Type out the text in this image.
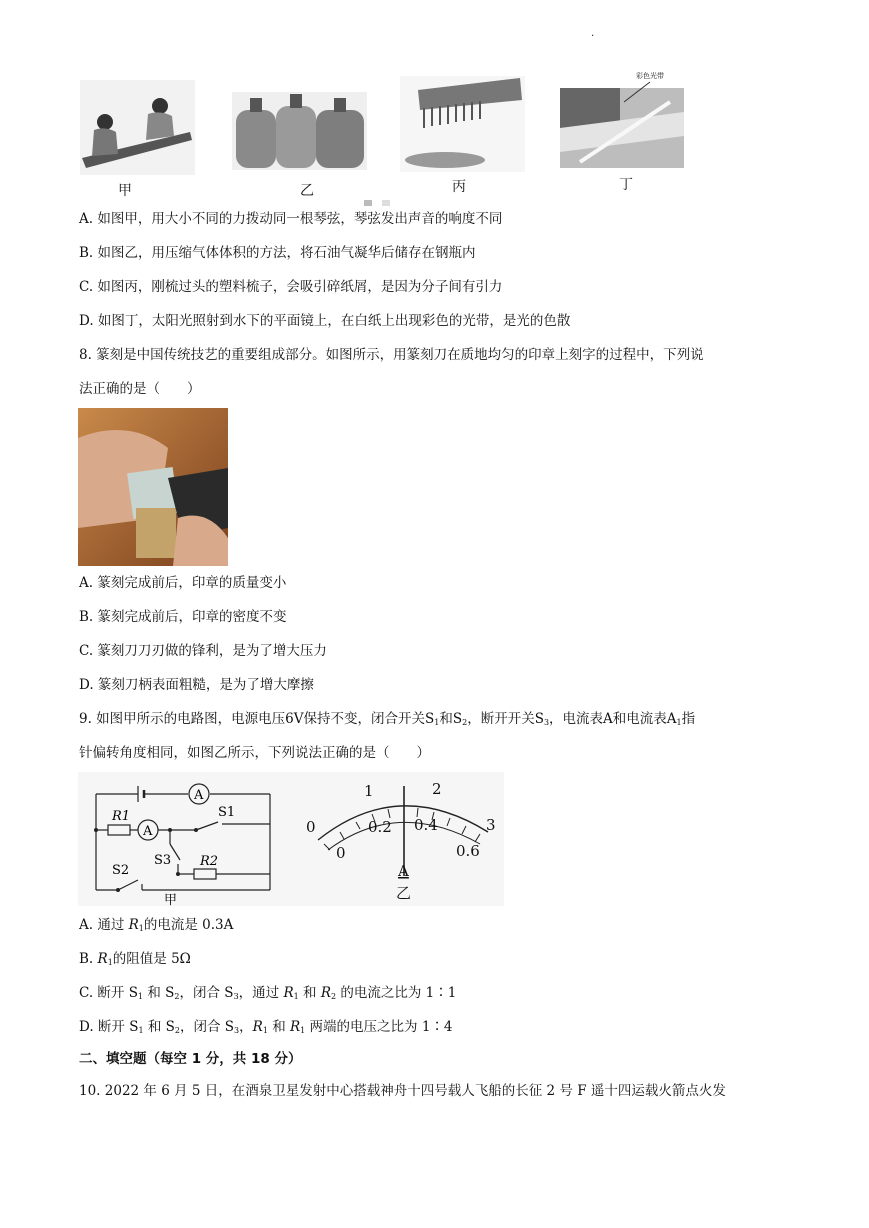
.
甲	乙	丙
彩色光带
丁

A. 如图甲，用大小不同的力拨动同一根琴弦，琴弦发出声音的响度不同
B. 如图乙，用压缩气体体积的方法，将石油气凝华后储存在钢瓶内
C. 如图丙，刚梳过头的塑料梳子，会吸引碎纸屑，是因为分子间有引力
D. 如图丁，太阳光照射到水下的平面镜上，在白纸上出现彩色的光带，是光的色散
8. 篆刻是中国传统技艺的重要组成部分。如图所示，用篆刻刀在质地均匀的印章上刻字的过程中，下列说
法正确的是（　　）
A. 篆刻完成前后，印章的质量变小
B. 篆刻完成前后，印章的密度不变
C. 篆刻刀刀刃做的锋利，是为了增大压力
D. 篆刻刀柄表面粗糙，是为了增大摩擦
9. 如图甲所示的电路图，电源电压6V保持不变，闭合开关$S_1$和$S_2$，断开开关$S_3$，电流表A和电流表$A_1$指
针偏转角度相同，如图乙所示，下列说法正确的是（　　）
A
R1
A
S1
S3 R2
S2
甲
0
1	2
3
0
0.2 0.4
0.6
A
乙
A. 通过 $R_1$的电流是 0.3A
B. $R_1$的阻值是 5Ω
C. 断开 $S_1$ 和 $S_2$，闭合 $S_3$，通过 $R_1$ 和 $R_2$ 的电流之比为 1∶1
D. 断开 $S_1$ 和 $S_2$，闭合 $S_3$，$R_1$ 和 $R_1$ 两端的电压之比为 1∶4
二、填空题（每空 1 分，共 18 分）
10. 2022 年 6 月 5 日，在酒泉卫星发射中心搭载神舟十四号载人飞船的长征 2 号 F 遥十四运载火箭点火发
